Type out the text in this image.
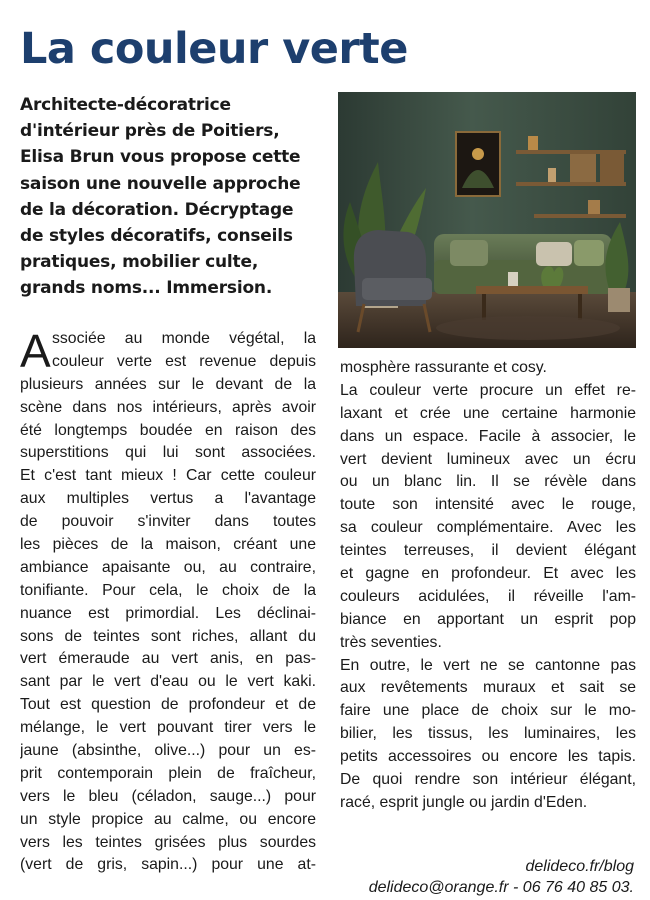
La couleur verte
Architecte-décoratrice
d'intérieur près de Poitiers,
Elisa Brun vous propose cette
saison une nouvelle approche
de la décoration. Décryptage
de styles décoratifs, conseils
pratiques, mobilier culte,
grands noms... Immersion.
A ssociée au monde végétal, la
couleur verte est revenue depuis
plusieurs années sur le devant de la
scène dans nos intérieurs, après avoir
été longtemps boudée en raison des
superstitions qui lui sont associées.
Et c'est tant mieux ! Car cette couleur
aux multiples vertus a l'avantage
de pouvoir s'inviter dans toutes
les pièces de la maison, créant une
ambiance apaisante ou, au contraire,
tonifiante. Pour cela, le choix de la
nuance est primordial. Les déclinai-
sons de teintes sont riches, allant du
vert émeraude au vert anis, en pas-
sant par le vert d'eau ou le vert kaki.
Tout est question de profondeur et de
mélange, le vert pouvant tirer vers le
jaune (absinthe, olive...) pour un es-
prit contemporain plein de fraîcheur,
vers le bleu (céladon, sauge...) pour
un style propice au calme, ou encore
vers les teintes grisées plus sourdes
(vert de gris, sapin...) pour une at-
mosphère rassurante et cosy.
La couleur verte procure un effet re-
laxant et crée une certaine harmonie
dans un espace. Facile à associer, le
vert devient lumineux avec un écru
ou un blanc lin. Il se révèle dans
toute son intensité avec le rouge,
sa couleur complémentaire. Avec les
teintes terreuses, il devient élégant
et gagne en profondeur. Et avec les
couleurs acidulées, il réveille l'am-
biance en apportant un esprit pop
très seventies.
En outre, le vert ne se cantonne pas
aux revêtements muraux et sait se
faire une place de choix sur le mo-
bilier, les tissus, les luminaires, les
petits accessoires ou encore les tapis.
De quoi rendre son intérieur élégant,
racé, esprit jungle ou jardin d'Eden.
delideco.fr/blog
delideco@orange.fr - 06 76 40 85 03.
